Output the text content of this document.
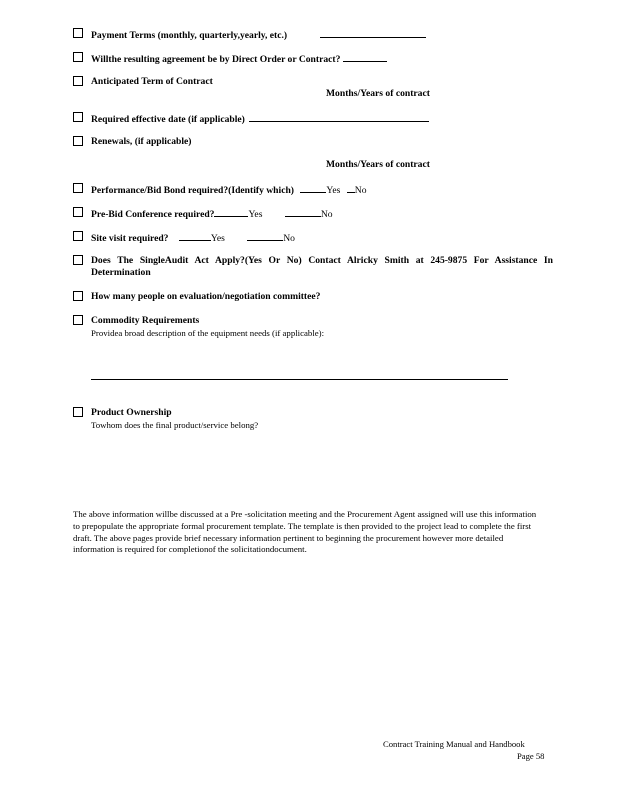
Payment Terms (monthly, quarterly,yearly, etc.)
Willthe resulting agreement be by Direct Order or Contract?
Anticipated Term of Contract
Months/Years of contract
Required effective date (if applicable)
Renewals, (if applicable)
Months/Years of contract
Performance/Bid Bond required?(Identify which)	Yes No
Pre-Bid Conference required?	Yes	No
Site visit required?	Yes	No
Does The SingleAudit Act Apply?(Yes Or No) Contact Alricky Smith at 245-9875 For Assistance In Determination
How many people on evaluation/negotiation committee?
Commodity Requirements
Providea broad description of the equipment needs (if applicable):
Product Ownership
Towhom does the final product/service belong?
The above information willbe discussed at a Pre -solicitation meeting and the Procurement Agent assigned will use this information to prepopulate the appropriate formal procurement template. The template is then provided to the project lead to complete the first draft. The above pages provide brief necessary information pertinent to beginning the procurement however more detailed information is required for completionof the solicitationdocument.
Contract Training Manual and Handbook
Page 58
